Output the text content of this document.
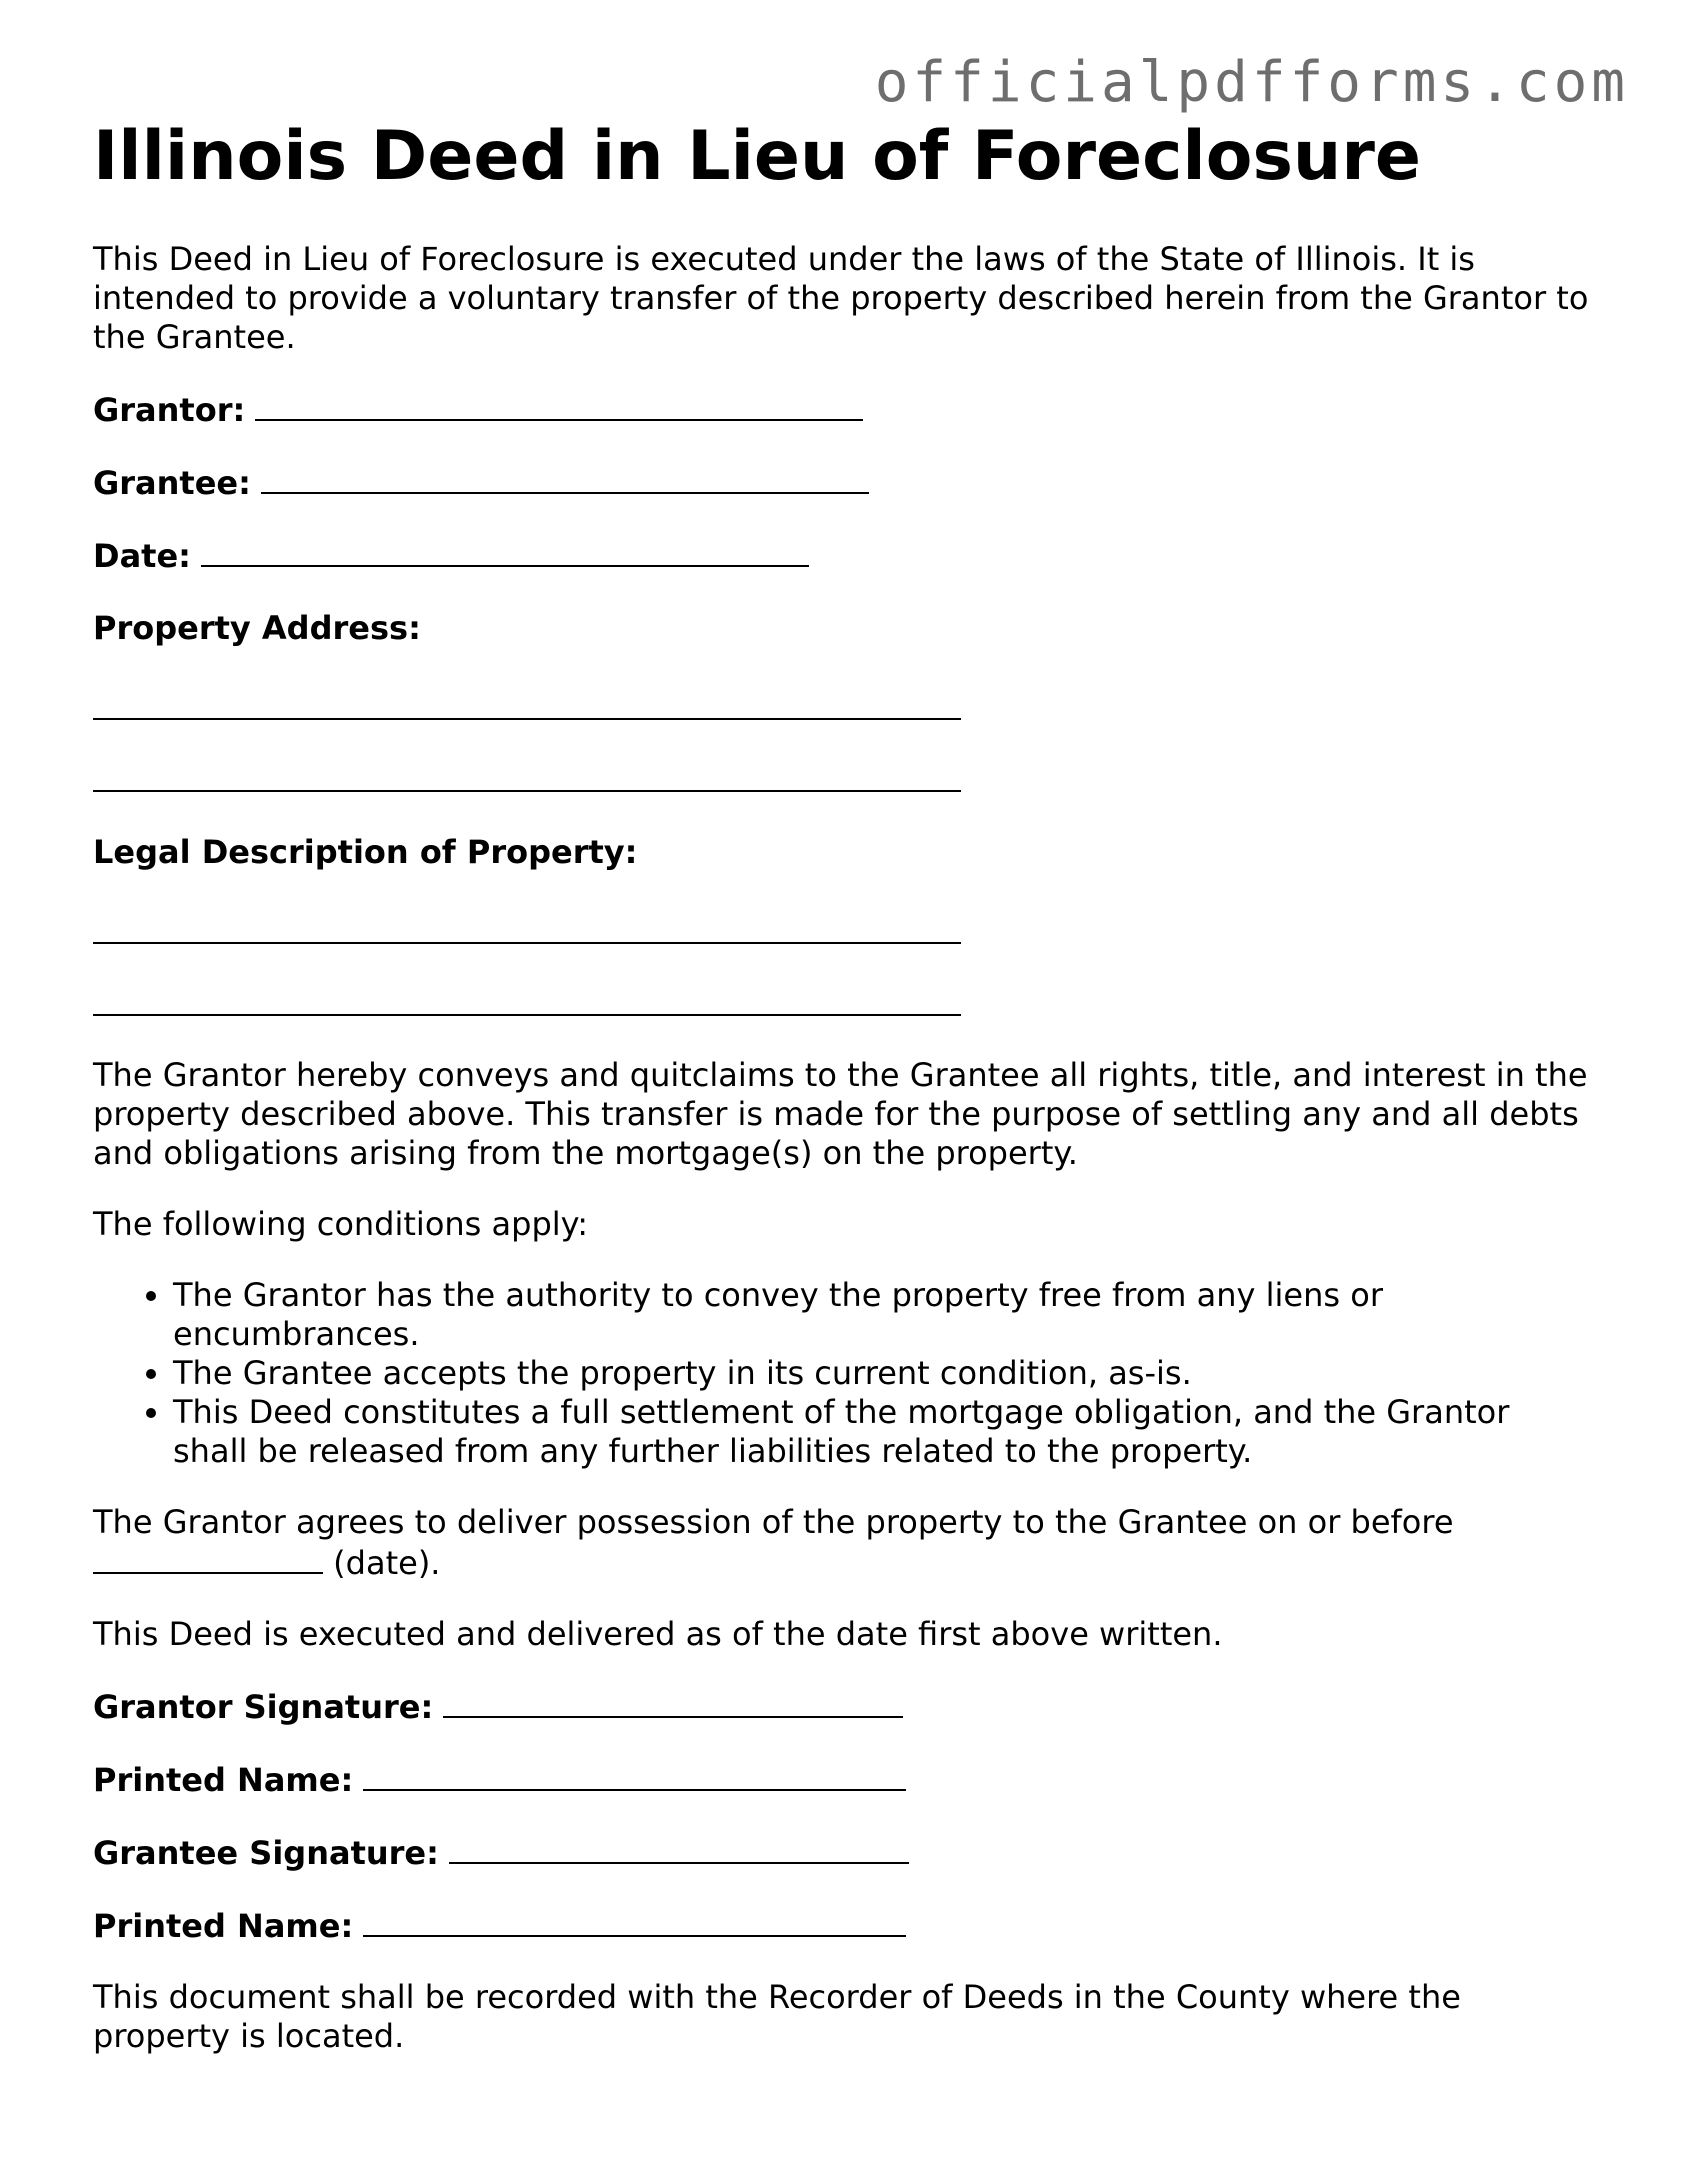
officialpdfforms.com
Illinois Deed in Lieu of Foreclosure

This Deed in Lieu of Foreclosure is executed under the laws of the State of Illinois. It is intended to provide a voluntary transfer of the property described herein from the Grantor to the Grantee.

Grantor:
Grantee:
Date:
Property Address:
Legal Description of Property:

The Grantor hereby conveys and quitclaims to the Grantee all rights, title, and interest in the property described above. This transfer is made for the purpose of settling any and all debts and obligations arising from the mortgage(s) on the property.

The following conditions apply:

• The Grantor has the authority to convey the property free from any liens or encumbrances.
• The Grantee accepts the property in its current condition, as-is.
• This Deed constitutes a full settlement of the mortgage obligation, and the Grantor shall be released from any further liabilities related to the property.

The Grantor agrees to deliver possession of the property to the Grantee on or before
(date).

This Deed is executed and delivered as of the date first above written.

Grantor Signature:
Printed Name:
Grantee Signature:
Printed Name:

This document shall be recorded with the Recorder of Deeds in the County where the property is located.
